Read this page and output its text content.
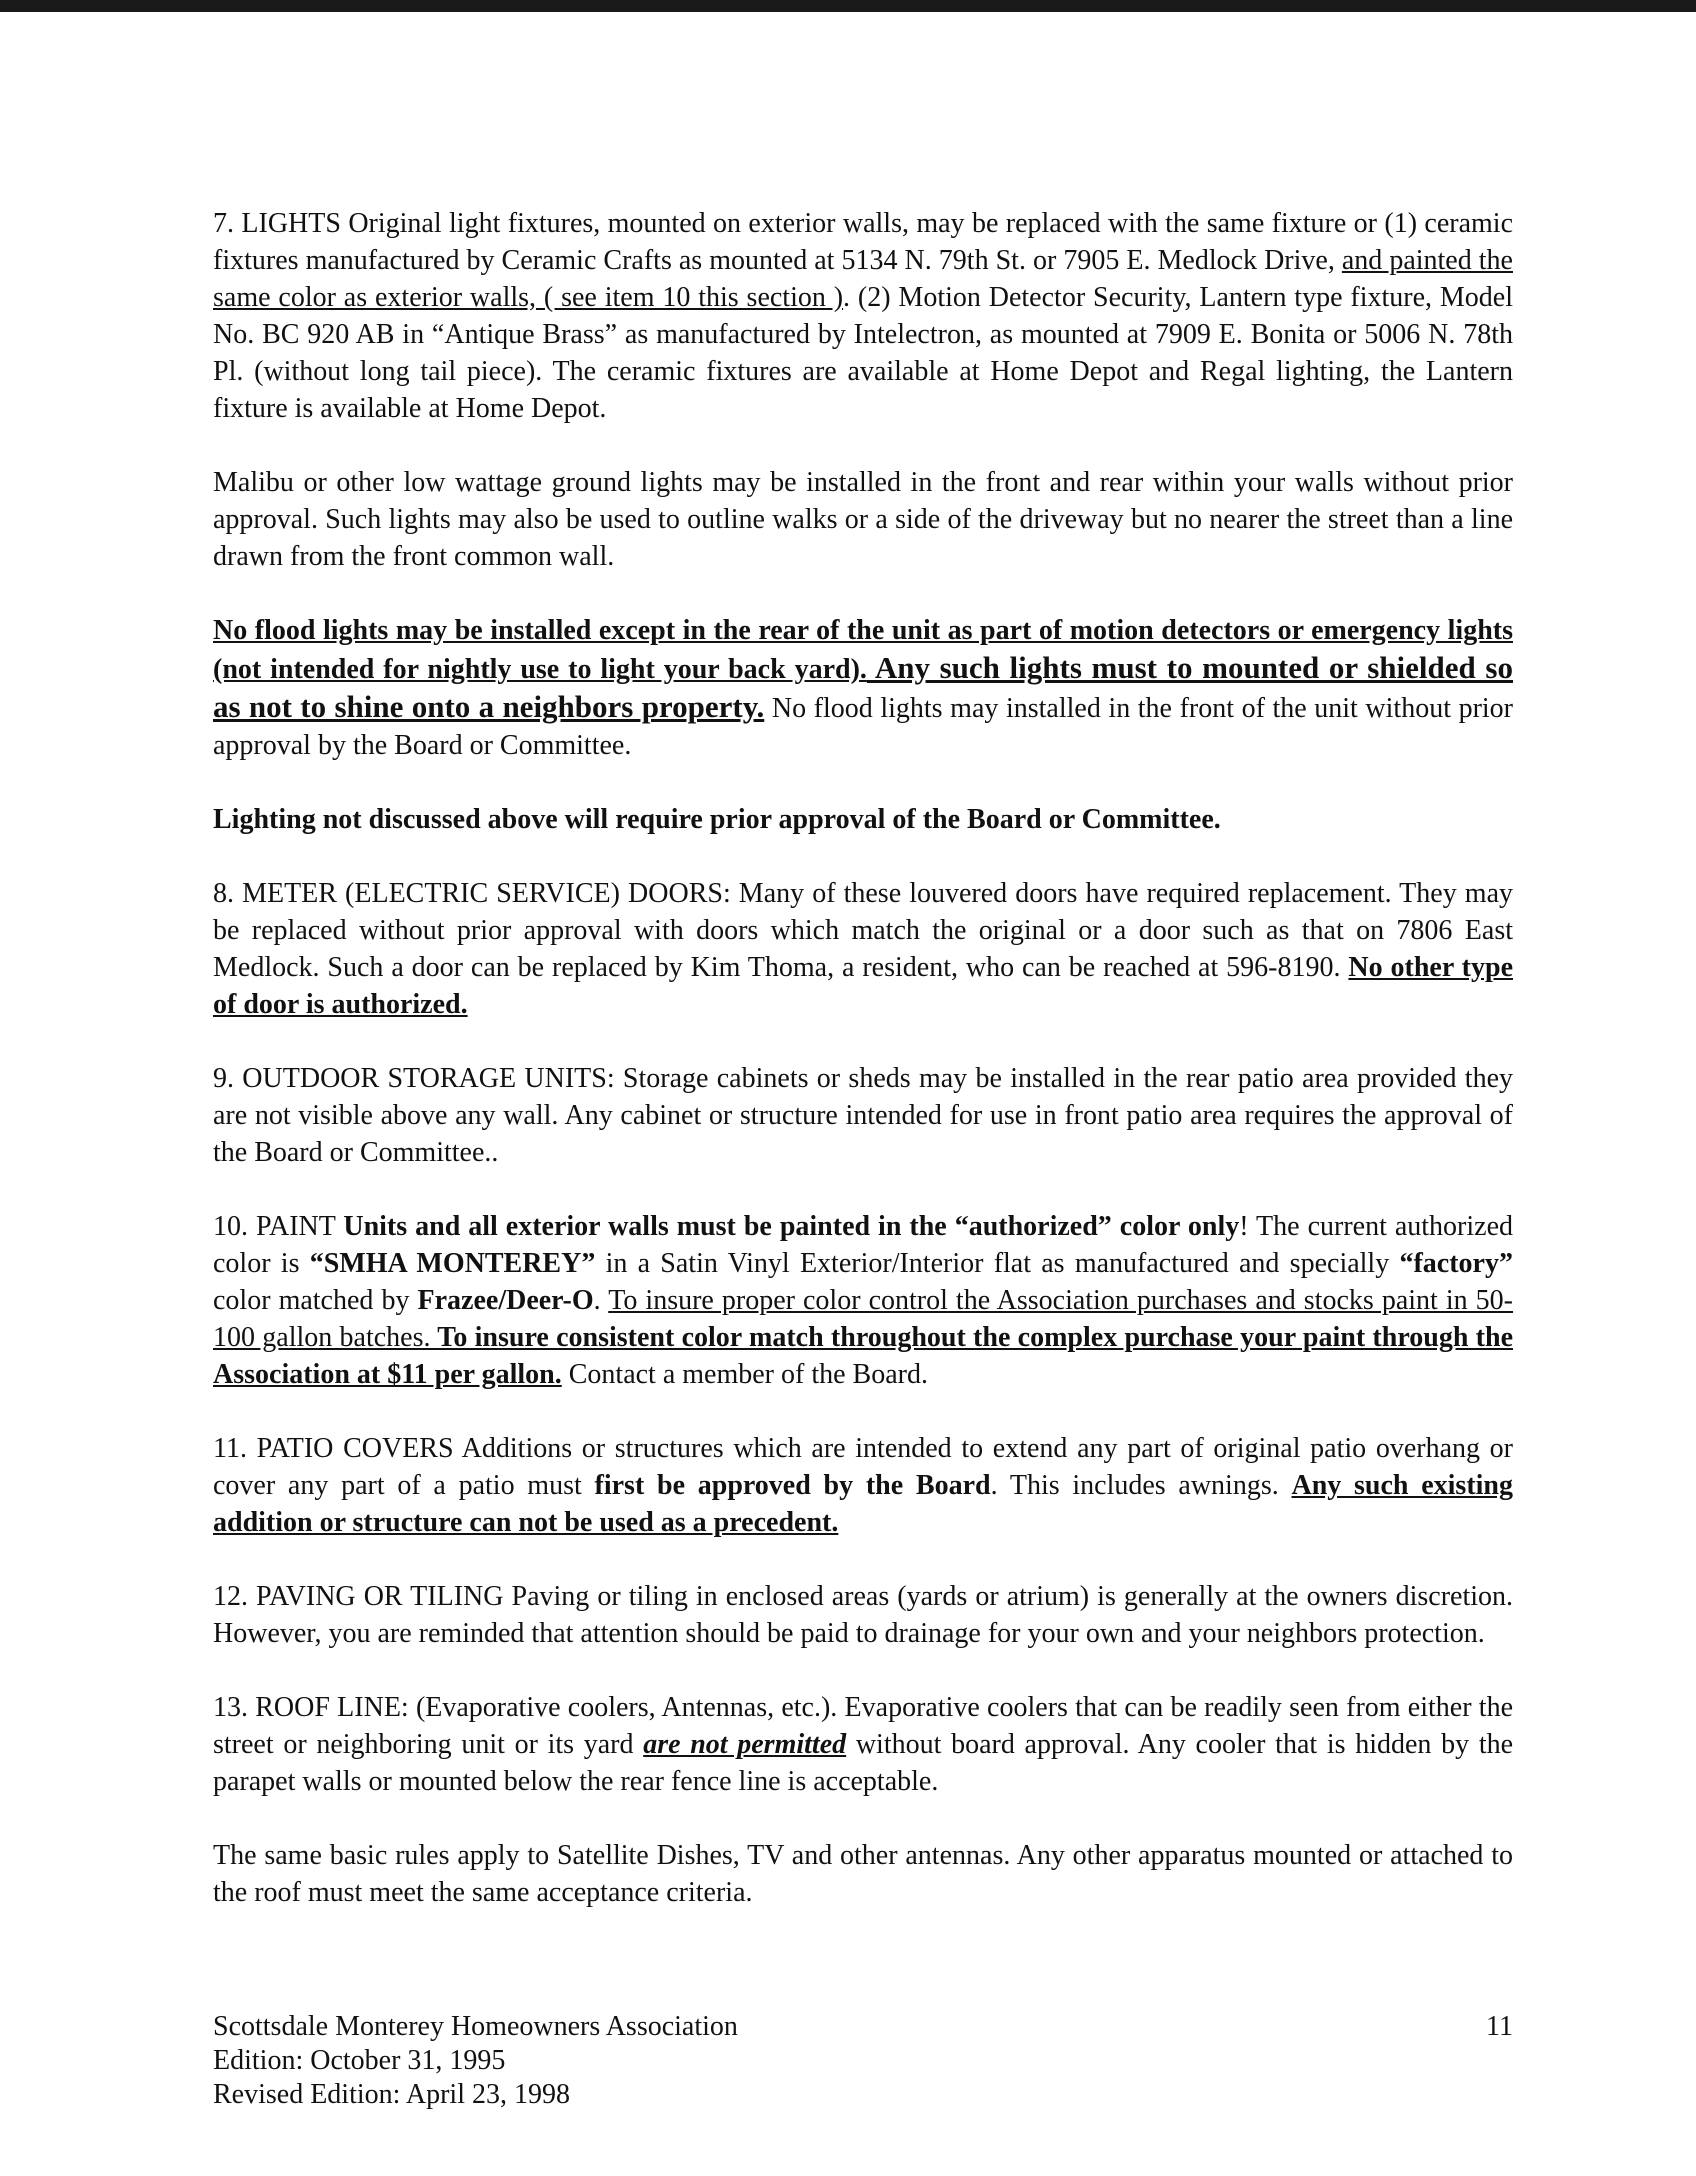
7. LIGHTS Original light fixtures, mounted on exterior walls, may be replaced with the same fixture or (1) ceramic fixtures manufactured by Ceramic Crafts as mounted at 5134 N. 79th St. or 7905 E. Medlock Drive, and painted the same color as exterior walls, ( see item 10 this section ). (2) Motion Detector Security, Lantern type fixture, Model No. BC 920 AB in “Antique Brass” as manufactured by Intelectron, as mounted at 7909 E. Bonita or 5006 N. 78th Pl. (without long tail piece). The ceramic fixtures are available at Home Depot and Regal lighting, the Lantern fixture is available at Home Depot.

Malibu or other low wattage ground lights may be installed in the front and rear within your walls without prior approval. Such lights may also be used to outline walks or a side of the driveway but no nearer the street than a line drawn from the front common wall.

No flood lights may be installed except in the rear of the unit as part of motion detectors or emergency lights (not intended for nightly use to light your back yard). Any such lights must to mounted or shielded so as not to shine onto a neighbors property. No flood lights may installed in the front of the unit without prior approval by the Board or Committee.

Lighting not discussed above will require prior approval of the Board or Committee.

8. METER (ELECTRIC SERVICE) DOORS: Many of these louvered doors have required replacement. They may be replaced without prior approval with doors which match the original or a door such as that on 7806 East Medlock. Such a door can be replaced by Kim Thoma, a resident, who can be reached at 596-8190. No other type of door is authorized.

9. OUTDOOR STORAGE UNITS: Storage cabinets or sheds may be installed in the rear patio area provided they are not visible above any wall. Any cabinet or structure intended for use in front patio area requires the approval of the Board or Committee..

10. PAINT Units and all exterior walls must be painted in the “authorized” color only! The current authorized color is “SMHA MONTEREY” in a Satin Vinyl Exterior/Interior flat as manufactured and specially “factory” color matched by Frazee/Deer-O. To insure proper color control the Association purchases and stocks paint in 50-100 gallon batches. To insure consistent color match throughout the complex purchase your paint through the Association at $11 per gallon. Contact a member of the Board.

11. PATIO COVERS Additions or structures which are intended to extend any part of original patio overhang or cover any part of a patio must first be approved by the Board. This includes awnings. Any such existing addition or structure can not be used as a precedent.

12. PAVING OR TILING Paving or tiling in enclosed areas (yards or atrium) is generally at the owners discretion. However, you are reminded that attention should be paid to drainage for your own and your neighbors protection.

13. ROOF LINE: (Evaporative coolers, Antennas, etc.). Evaporative coolers that can be readily seen from either the street or neighboring unit or its yard are not permitted without board approval. Any cooler that is hidden by the parapet walls or mounted below the rear fence line is acceptable.

The same basic rules apply to Satellite Dishes, TV and other antennas. Any other apparatus mounted or attached to the roof must meet the same acceptance criteria.

Scottsdale Monterey Homeowners Association
Edition: October 31, 1995
Revised Edition: April 23, 1998
11
